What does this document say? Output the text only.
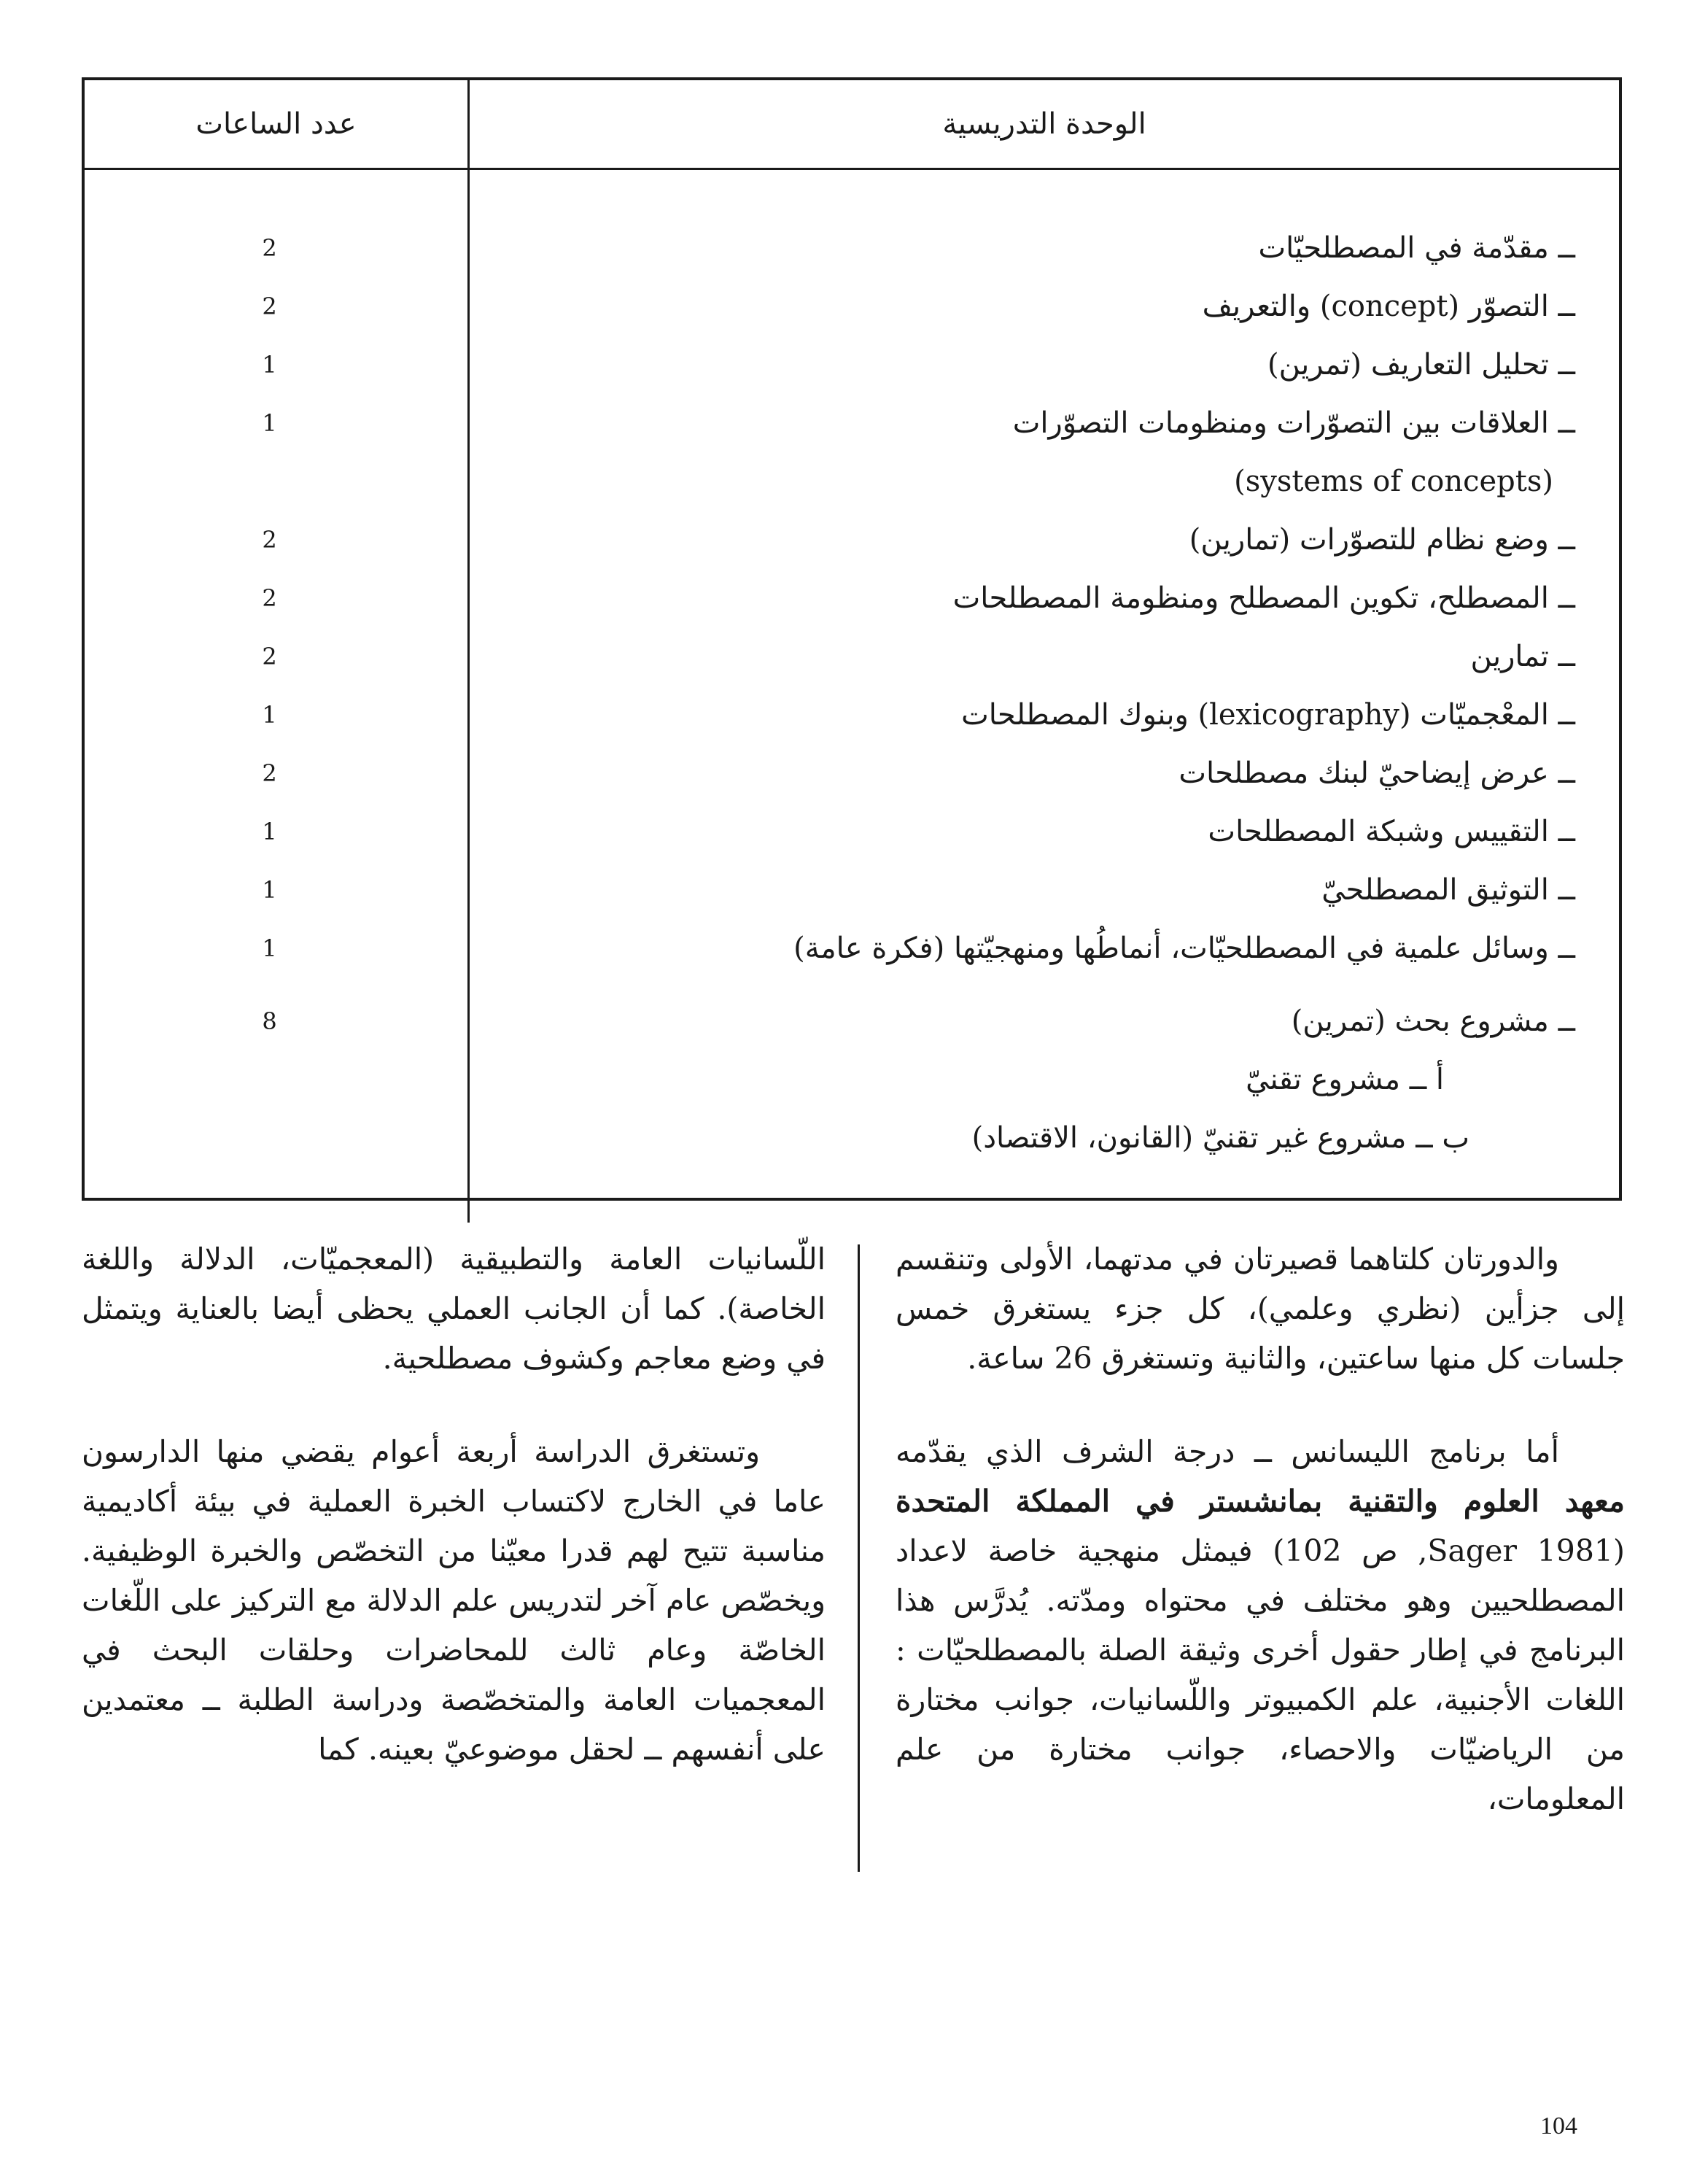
الوحدة التدريسية
عدد الساعات
ــ مقدّمة في المصطلحيّات
2
ــ التصوّر (concept) والتعريف
2
ــ تحليل التعاريف (تمرين)
1
ــ العلاقات بين التصوّرات ومنظومات التصوّرات
1
(systems of concepts)
ــ وضع نظام للتصوّرات (تمارين)
2
ــ المصطلح، تكوين المصطلح ومنظومة المصطلحات
2
ــ تمارين
2
ــ المعْجميّات (lexicography) وبنوك المصطلحات
1
ــ عرض إيضاحيّ لبنك مصطلحات
2
ــ التقييس وشبكة المصطلحات
1
ــ التوثيق المصطلحيّ
1
ــ وسائل علمية في المصطلحيّات، أنماطُها ومنهجيّتها (فكرة عامة)
1
ــ مشروع بحث (تمرين)
8
أ ــ مشروع تقنيّ
ب ــ مشروع غير تقنيّ (القانون، الاقتصاد)

والدورتان كلتاهما قصيرتان في مدتهما، الأولى وتنقسم إلى جزأين (نظري وعلمي)، كل جزء يستغرق خمس جلسات كل منها ساعتين، والثانية وتستغرق 26 ساعة.

أما برنامج الليسانس ــ درجة الشرف الذي يقدّمه معهد العلوم والتقنية بمانشستر في المملكة المتحدة (Sager 1981, ص 102) فيمثل منهجية خاصة لاعداد المصطلحيين وهو مختلف في محتواه ومدّته. يُدرَّس هذا البرنامج في إطار حقول أخرى وثيقة الصلة بالمصطلحيّات : اللغات الأجنبية، علم الكمبيوتر واللّسانيات، جوانب مختارة من الرياضيّات والاحصاء، جوانب مختارة من علم المعلومات،

اللّسانيات العامة والتطبيقية (المعجميّات، الدلالة واللغة الخاصة). كما أن الجانب العملي يحظى أيضا بالعناية ويتمثل في وضع معاجم وكشوف مصطلحية.

وتستغرق الدراسة أربعة أعوام يقضي منها الدارسون عاما في الخارج لاكتساب الخبرة العملية في بيئة أكاديمية مناسبة تتيح لهم قدرا معيّنا من التخصّص والخبرة الوظيفية. ويخصّص عام آخر لتدريس علم الدلالة مع التركيز على اللّغات الخاصّة وعام ثالث للمحاضرات وحلقات البحث في المعجميات العامة والمتخصّصة ودراسة الطلبة ــ معتمدين على أنفسهم ــ لحقل موضوعيّ بعينه. كما

104
